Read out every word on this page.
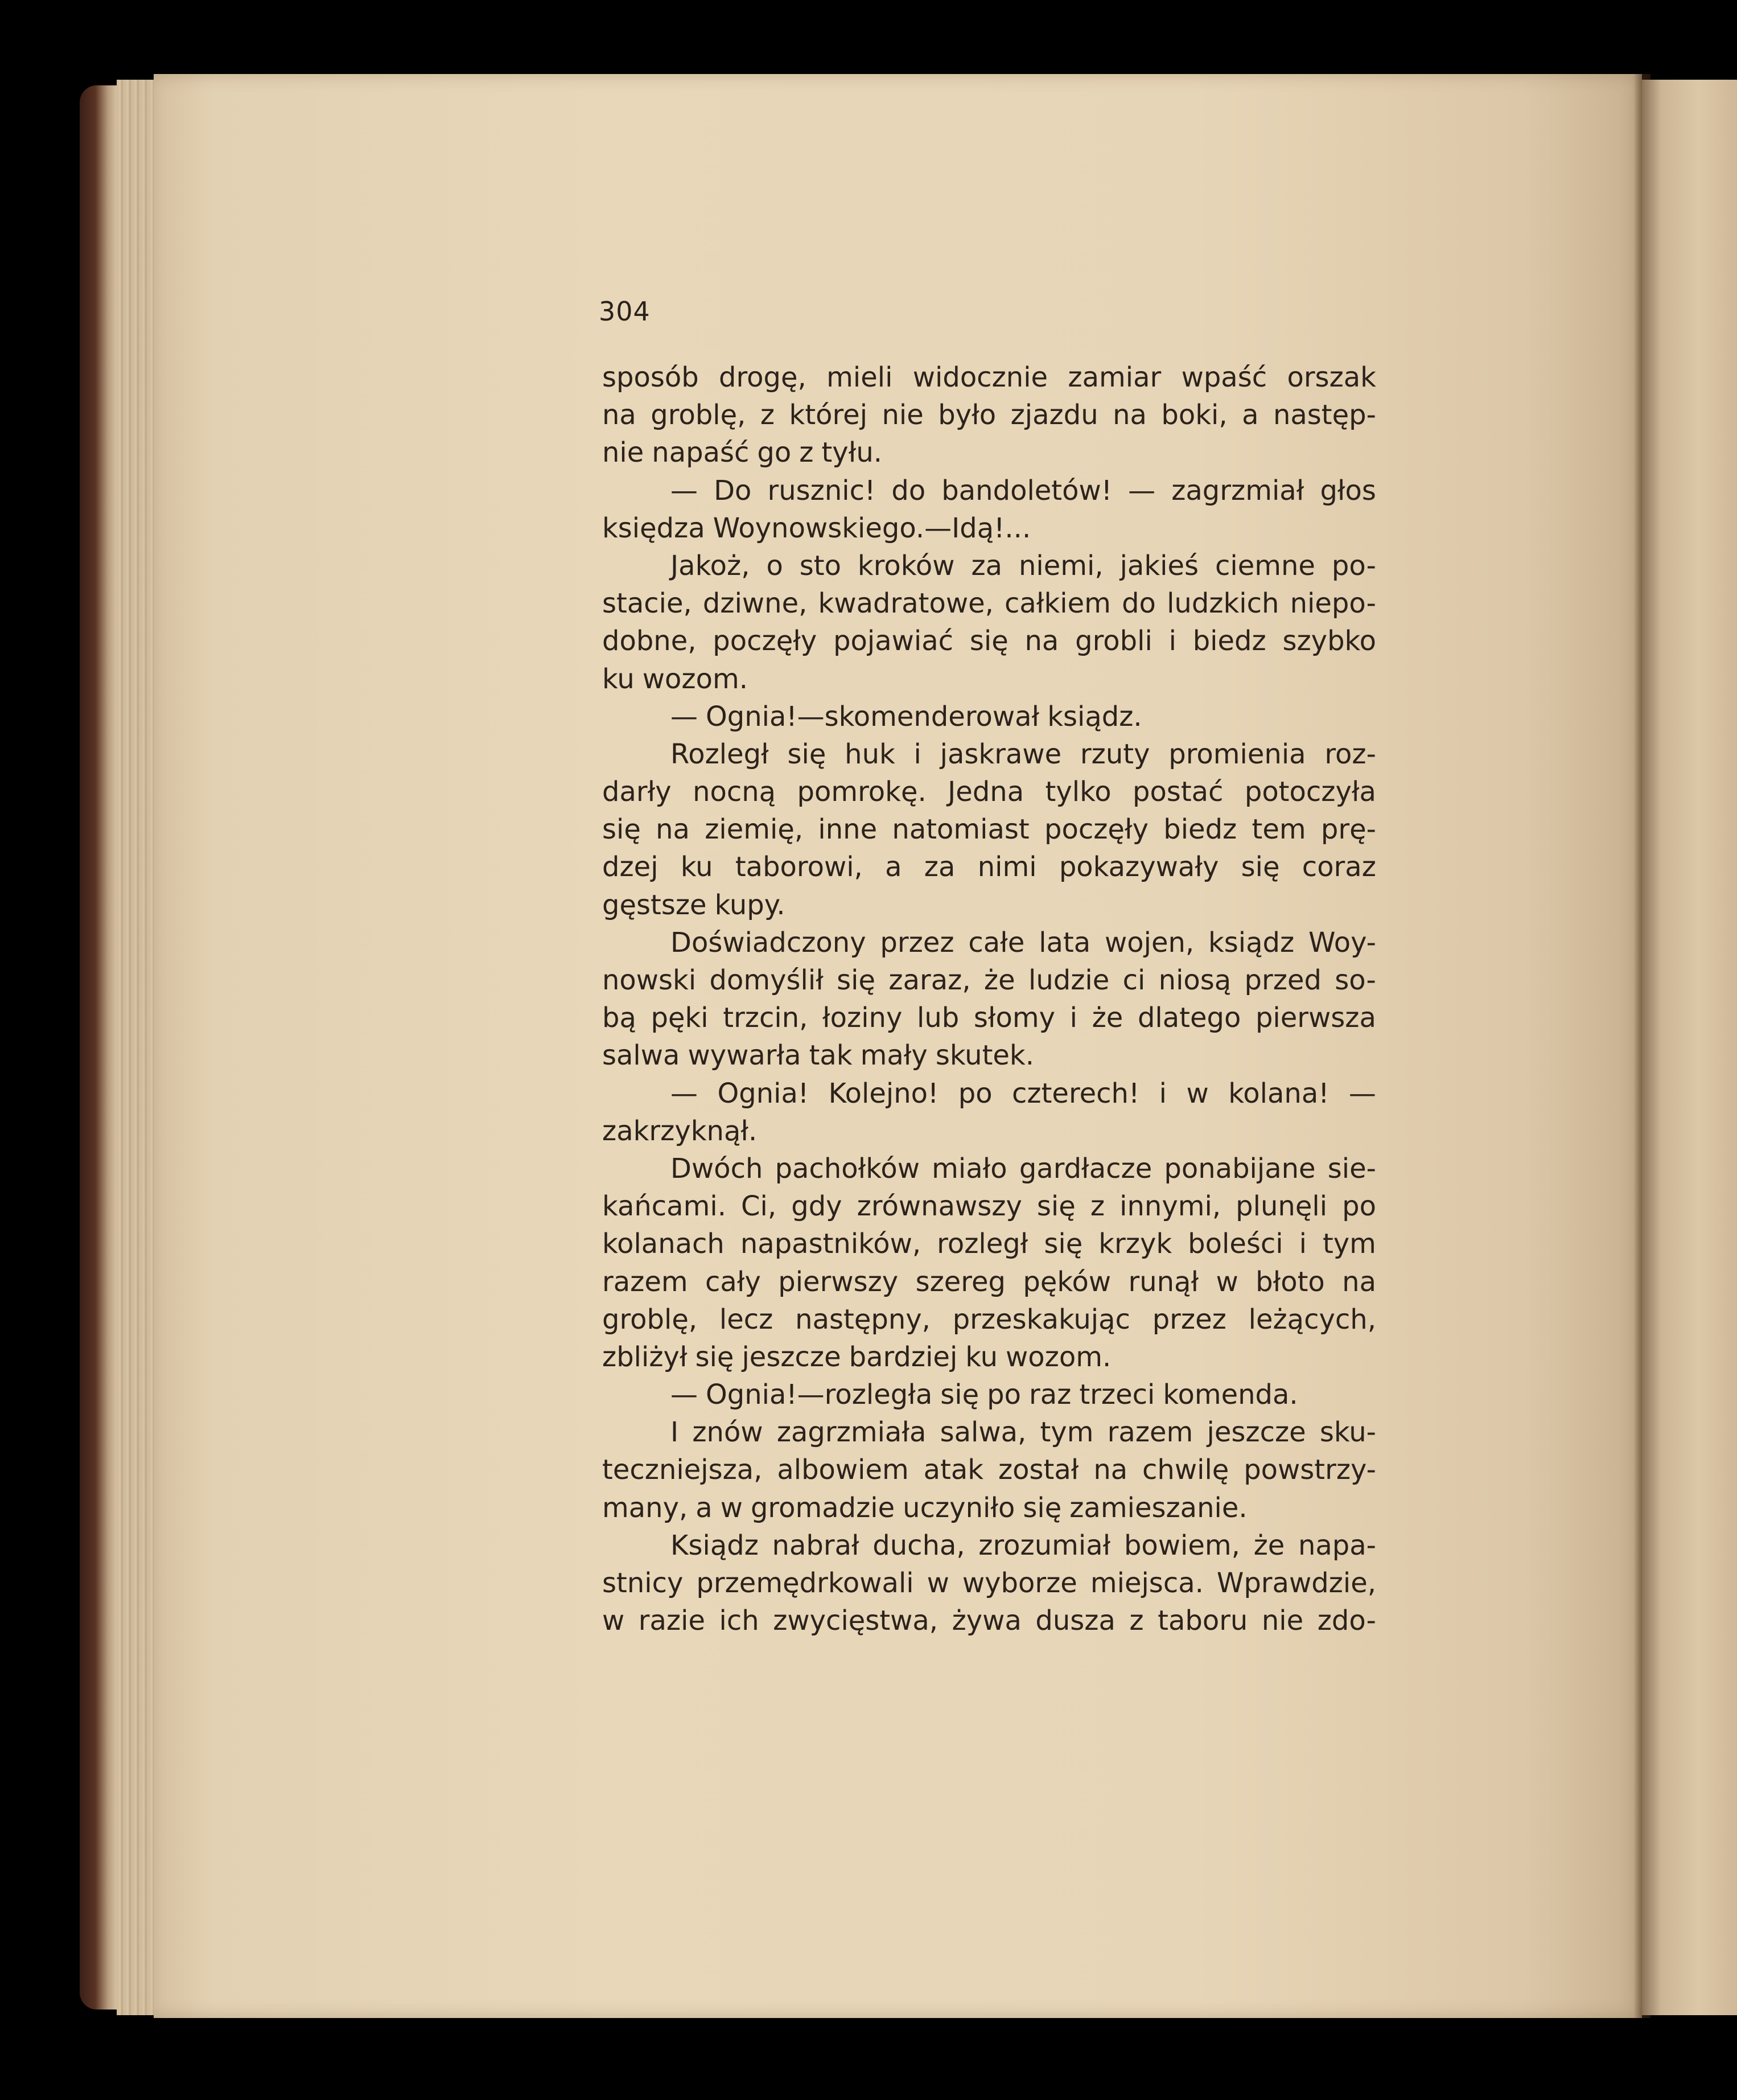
304
sposób drogę, mieli widocznie zamiar wpaść orszak
na groblę, z której nie było zjazdu na boki, a następ-
nie napaść go z tyłu.
— Do rusznic! do bandoletów! — zagrzmiał głos
księdza Woynowskiego.—Idą!...
Jakoż, o sto kroków za niemi, jakieś ciemne po-
stacie, dziwne, kwadratowe, całkiem do ludzkich niepo-
dobne, poczęły pojawiać się na grobli i biedz szybko
ku wozom.
— Ognia!—skomenderował ksiądz.
Rozległ się huk i jaskrawe rzuty promienia roz-
darły nocną pomrokę. Jedna tylko postać potoczyła
się na ziemię, inne natomiast poczęły biedz tem prę-
dzej ku taborowi, a za nimi pokazywały się coraz
gęstsze kupy.
Doświadczony przez całe lata wojen, ksiądz Woy-
nowski domyślił się zaraz, że ludzie ci niosą przed so-
bą pęki trzcin, łoziny lub słomy i że dlatego pierwsza
salwa wywarła tak mały skutek.
— Ognia! Kolejno! po czterech! i w kolana! —
zakrzyknął.
Dwóch pachołków miało gardłacze ponabijane sie-
kańcami. Ci, gdy zrównawszy się z innymi, plunęli po
kolanach napastników, rozległ się krzyk boleści i tym
razem cały pierwszy szereg pęków runął w błoto na
groblę, lecz następny, przeskakując przez leżących,
zbliżył się jeszcze bardziej ku wozom.
— Ognia!—rozległa się po raz trzeci komenda.
I znów zagrzmiała salwa, tym razem jeszcze sku-
teczniejsza, albowiem atak został na chwilę powstrzy-
many, a w gromadzie uczyniło się zamieszanie.
Ksiądz nabrał ducha, zrozumiał bowiem, że napa-
stnicy przemędrkowali w wyborze miejsca. Wprawdzie,
w razie ich zwycięstwa, żywa dusza z taboru nie zdo-
